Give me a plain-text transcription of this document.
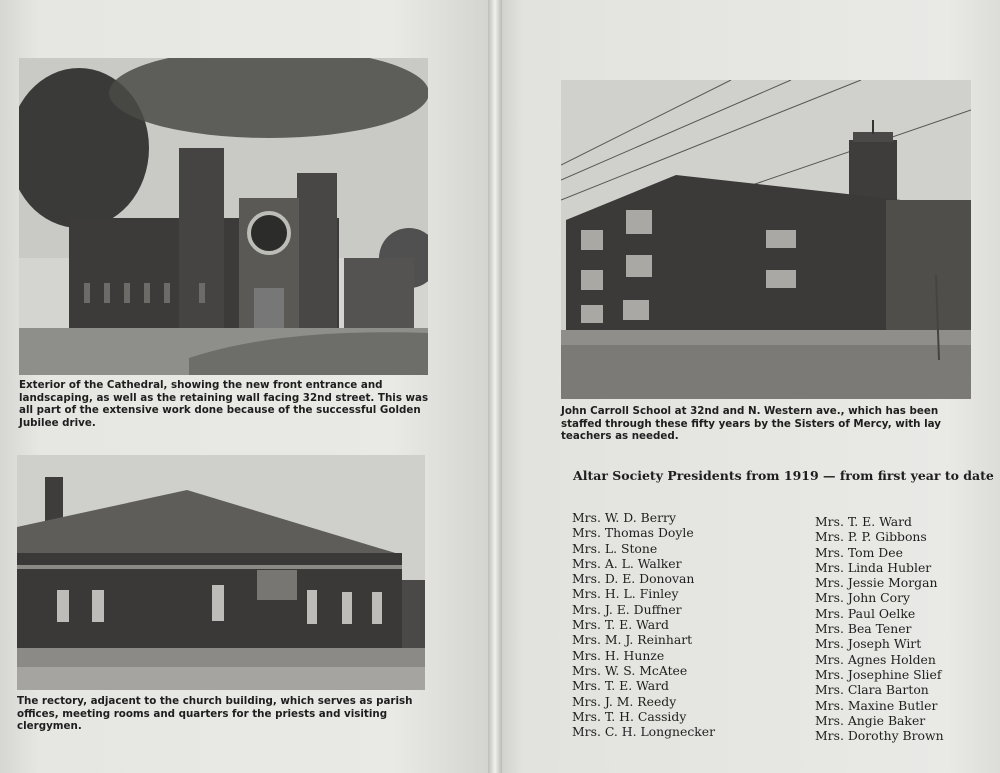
Exterior of the Cathedral, showing the new front entrance and landscaping, as well as the retaining wall facing 32nd street. This was all part of the extensive work done because of the successful Golden Jubilee drive.

The rectory, adjacent to the church building, which serves as parish offices, meeting rooms and quarters for the priests and visiting clergymen.

John Carroll School at 32nd and N. Western ave., which has been staffed through these fifty years by the Sisters of Mercy, with lay teachers as needed.

Altar Society Presidents from 1919 — from first year to date

Mrs. W. D. Berry
Mrs. Thomas Doyle
Mrs. L. Stone
Mrs. A. L. Walker
Mrs. D. E. Donovan
Mrs. H. L. Finley
Mrs. J. E. Duffner
Mrs. T. E. Ward
Mrs. M. J. Reinhart
Mrs. H. Hunze
Mrs. W. S. McAtee
Mrs. T. E. Ward
Mrs. J. M. Reedy
Mrs. T. H. Cassidy
Mrs. C. H. Longnecker
Mrs. T. E. Ward
Mrs. P. P. Gibbons
Mrs. Tom Dee
Mrs. Linda Hubler
Mrs. Jessie Morgan
Mrs. John Cory
Mrs. Paul Oelke
Mrs. Bea Tener
Mrs. Joseph Wirt
Mrs. Agnes Holden
Mrs. Josephine Slief
Mrs. Clara Barton
Mrs. Maxine Butler
Mrs. Angie Baker
Mrs. Dorothy Brown
